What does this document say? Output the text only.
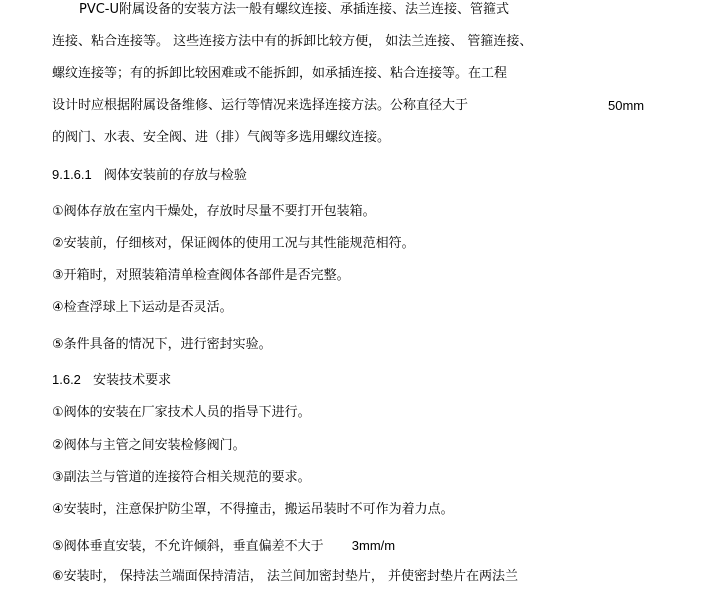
PVC-U附属设备的安装方法一般有螺纹连接、承插连接、法兰连接、管箍式
连接、粘合连接等。 这些连接方法中有的拆卸比较方便， 如法兰连接、 管箍连接、
螺纹连接等；有的拆卸比较困难或不能拆卸，如承插连接、粘合连接等。在工程
设计时应根据附属设备维修、运行等情况来选择连接方法。公称直径大于	50mm
的阀门、水表、安全阀、进（排）气阀等多选用螺纹连接。
9.1.6.1 阀体安装前的存放与检验
①阀体存放在室内干燥处，存放时尽量不要打开包装箱。
②安装前，仔细核对，保证阀体的使用工况与其性能规范相符。
③开箱时，对照装箱清单检查阀体各部件是否完整。
④检查浮球上下运动是否灵活。
⑤条件具备的情况下，进行密封实验。
1.6.2 安装技术要求
①阀体的安装在厂家技术人员的指导下进行。
②阀体与主管之间安装检修阀门。
③副法兰与管道的连接符合相关规范的要求。
④安装时，注意保护防尘罩，不得撞击，搬运吊装时不可作为着力点。
⑤阀体垂直安装，不允许倾斜，垂直偏差不大于 3mm/m
⑥安装时， 保持法兰端面保持清洁， 法兰间加密封垫片， 并使密封垫片在两法兰
